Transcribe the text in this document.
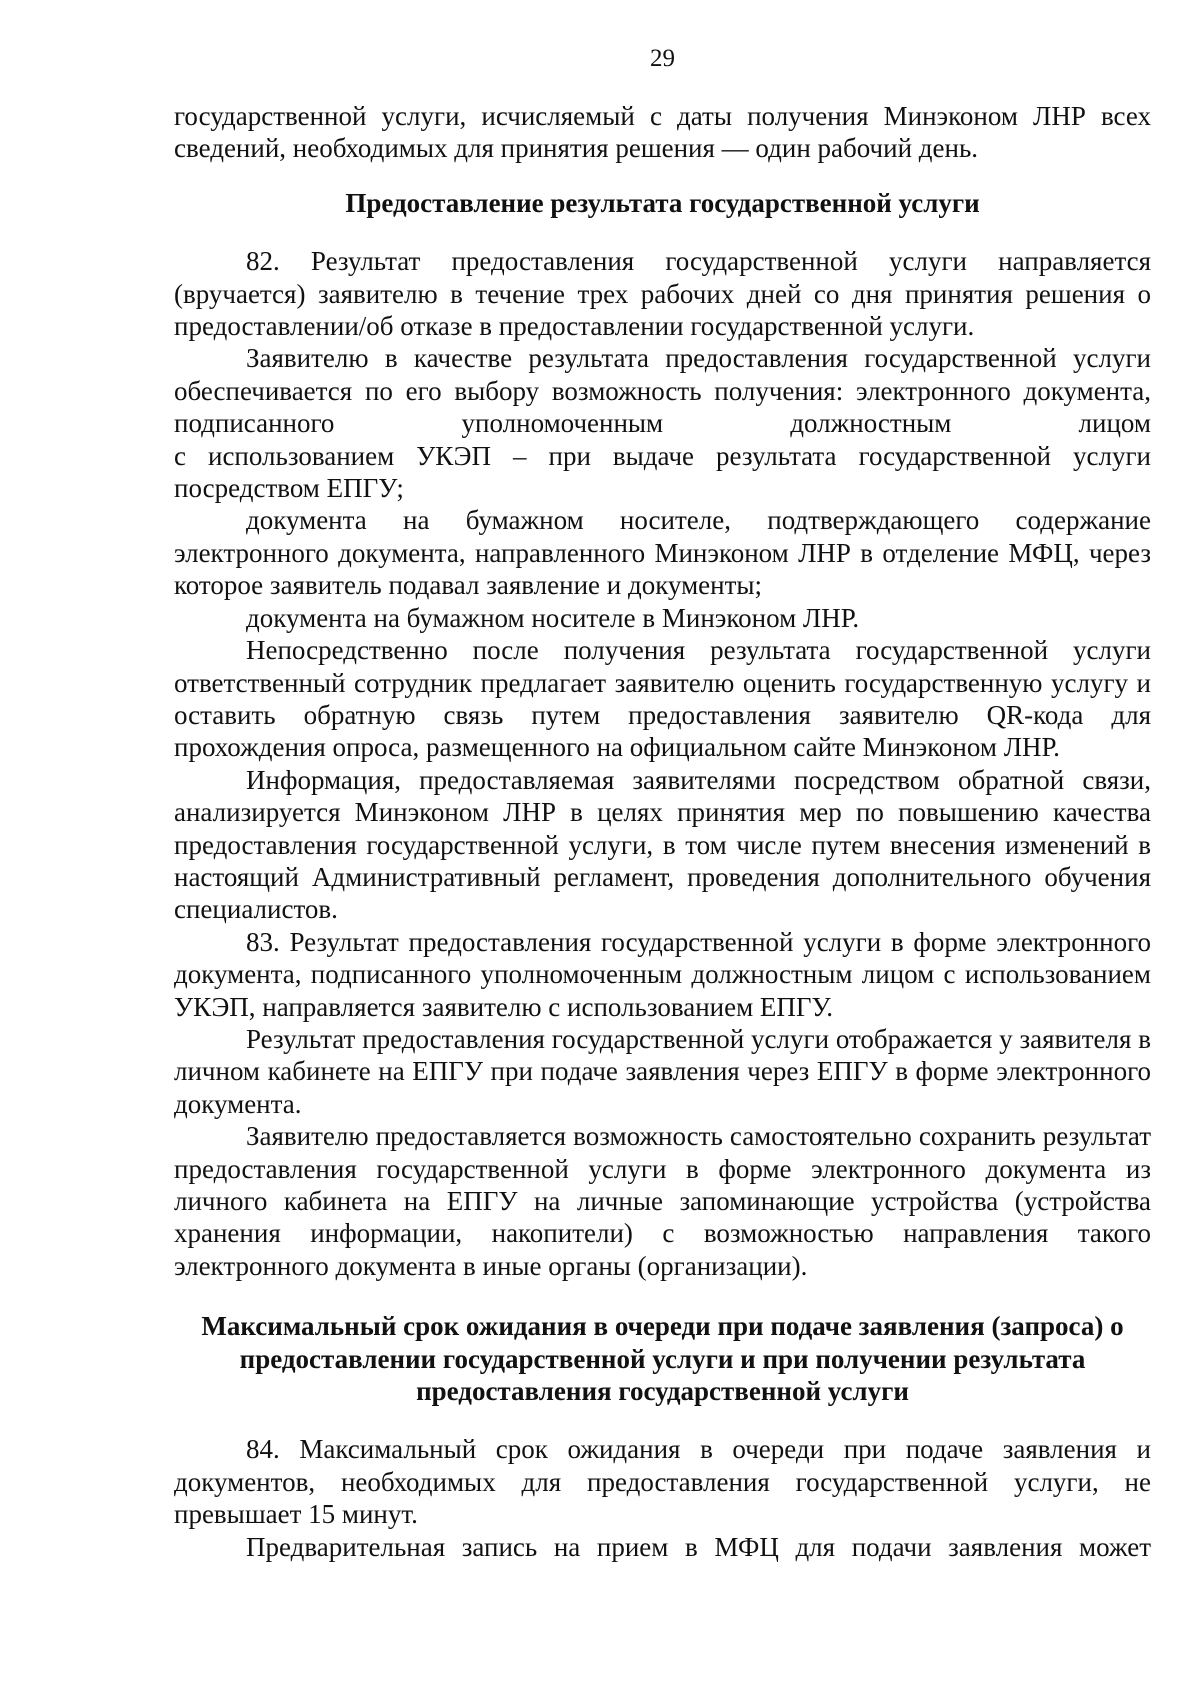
29

государственной услуги, исчисляемый с даты получения Минэконом ЛНР всех сведений, необходимых для принятия решения — один рабочий день.

Предоставление результата государственной услуги

82. Результат предоставления государственной услуги направляется (вручается) заявителю в течение трех рабочих дней со дня принятия решения о предоставлении/об отказе в предоставлении государственной услуги.

Заявителю в качестве результата предоставления государственной услуги обеспечивается по его выбору возможность получения: электронного документа, подписанного уполномоченным должностным лицом

с использованием УКЭП – при выдаче результата государственной услуги посредством ЕПГУ;

документа на бумажном носителе, подтверждающего содержание электронного документа, направленного Минэконом ЛНР в отделение МФЦ, через которое заявитель подавал заявление и документы;

документа на бумажном носителе в Минэконом ЛНР.

Непосредственно после получения результата государственной услуги ответственный сотрудник предлагает заявителю оценить государственную услугу и оставить обратную связь путем предоставления заявителю QR-кода для прохождения опроса, размещенного на официальном сайте Минэконом ЛНР.

Информация, предоставляемая заявителями посредством обратной связи, анализируется Минэконом ЛНР в целях принятия мер по повышению качества предоставления государственной услуги, в том числе путем внесения изменений в настоящий Административный регламент, проведения дополнительного обучения специалистов.

83. Результат предоставления государственной услуги в форме электронного документа, подписанного уполномоченным должностным лицом с использованием УКЭП, направляется заявителю с использованием ЕПГУ.

Результат предоставления государственной услуги отображается у заявителя в личном кабинете на ЕПГУ при подаче заявления через ЕПГУ в форме электронного документа.

Заявителю предоставляется возможность самостоятельно сохранить результат предоставления государственной услуги в форме электронного документа из личного кабинета на ЕПГУ на личные запоминающие устройства (устройства хранения информации, накопители) с возможностью направления такого электронного документа в иные органы (организации).

Максимальный срок ожидания в очереди при подаче заявления (запроса) о
предоставлении государственной услуги и при получении результата
предоставления государственной услуги

84. Максимальный срок ожидания в очереди при подаче заявления и документов, необходимых для предоставления государственной услуги, не превышает 15 минут.

Предварительная запись на прием в МФЦ для подачи заявления может
